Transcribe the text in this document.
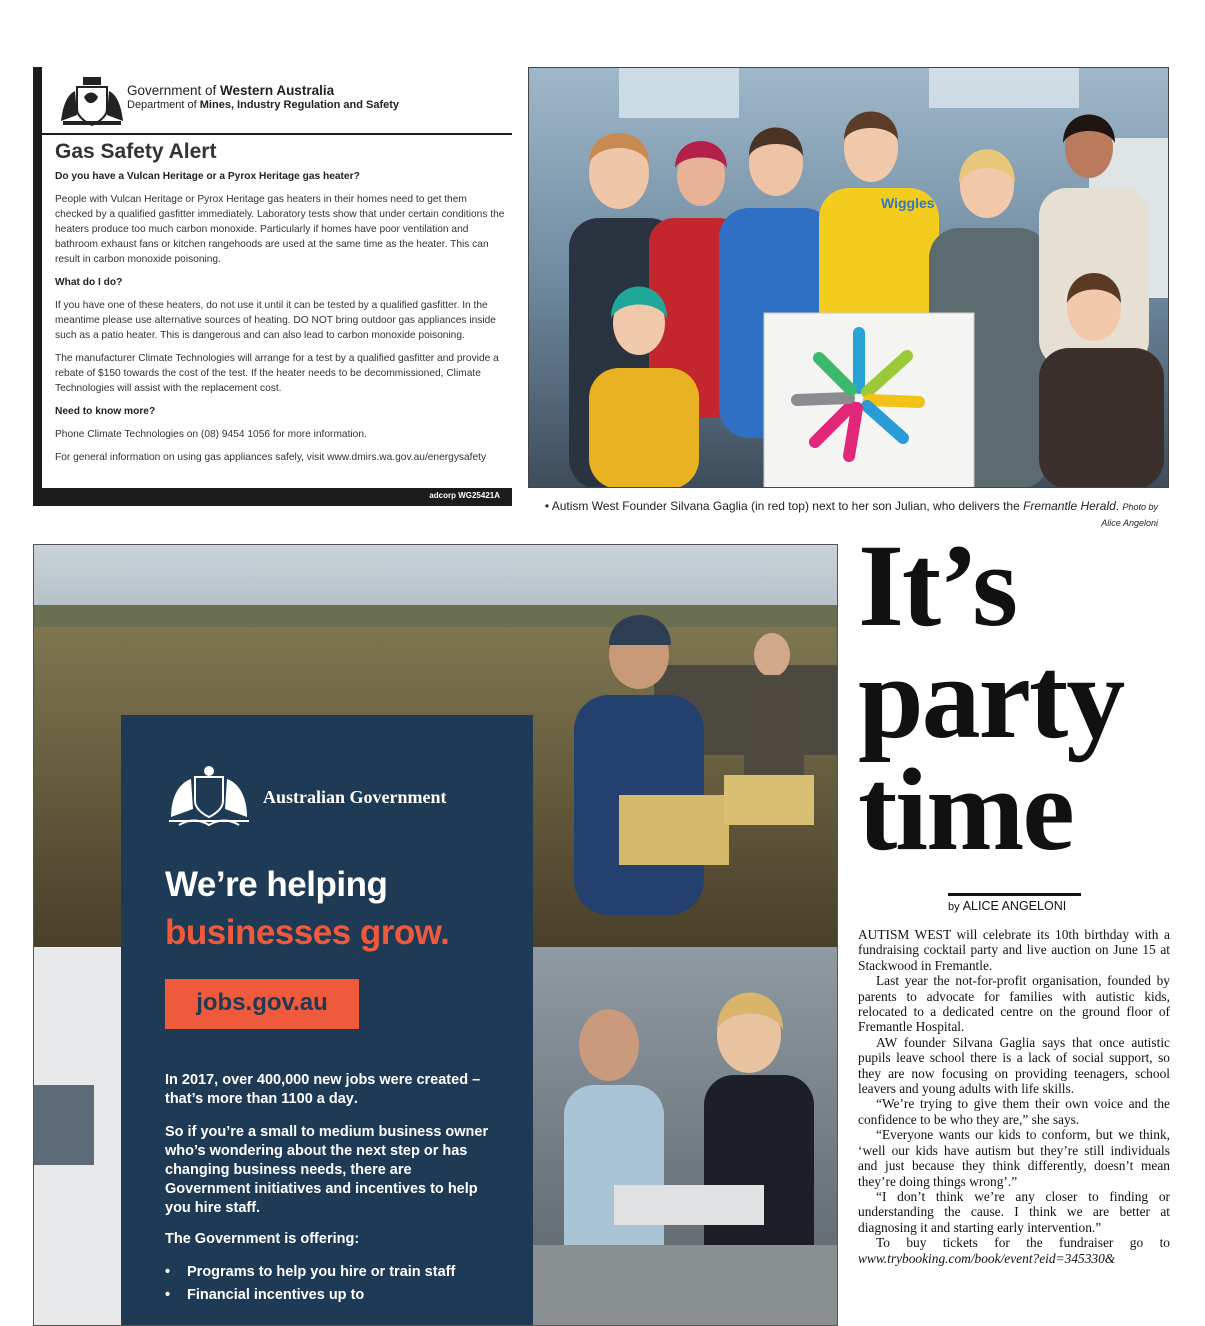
Government of Western Australia
Department of Mines, Industry Regulation and Safety
Gas Safety Alert

Do you have a Vulcan Heritage or a Pyrox Heritage gas heater?

People with Vulcan Heritage or Pyrox Heritage gas heaters in their homes need to get them checked by a qualified gasfitter immediately. Laboratory tests show that under certain conditions the heaters produce too much carbon monoxide. Particularly if homes have poor ventilation and bathroom exhaust fans or kitchen rangehoods are used at the same time as the heater. This can result in carbon monoxide poisoning.

What do I do?

If you have one of these heaters, do not use it until it can be tested by a qualified gasfitter. In the meantime please use alternative sources of heating. DO NOT bring outdoor gas appliances inside such as a patio heater. This is dangerous and can also lead to carbon monoxide poisoning.

The manufacturer Climate Technologies will arrange for a test by a qualified gasfitter and provide a rebate of $150 towards the cost of the test. If the heater needs to be decommissioned, Climate Technologies will assist with the replacement cost.

Need to know more?

Phone Climate Technologies on (08) 9454 1056 for more information.

For general information on using gas appliances safely, visit www.dmirs.wa.gov.au/energysafety

adcorp WG25421A
Wiggles
• Autism West Founder Silvana Gaglia (in red top) next to her son Julian, who delivers the Fremantle Herald. Photo by Alice Angeloni
Australian Government
We’re helping
businesses grow.
jobs.gov.au
In 2017, over 400,000 new jobs were created – that’s more than 1100 a day.
So if you’re a small to medium business owner who’s wondering about the next step or has changing business needs, there are Government initiatives and incentives to help you hire staff.
The Government is offering:
• Programs to help you hire or train staff
• Financial incentives up to
It’s
party
time
by ALICE ANGELONI

AUTISM WEST will celebrate its 10th birthday with a fundraising cocktail party and live auction on June 15 at Stackwood in Fremantle.

Last year the not-for-profit organisation, founded by parents to advocate for families with autistic kids, relocated to a dedicated centre on the ground floor of Fremantle Hospital.

AW founder Silvana Gaglia says that once autistic pupils leave school there is a lack of social support, so they are now focusing on providing teenagers, school leavers and young adults with life skills.

“We’re trying to give them their own voice and the confidence to be who they are,” she says.

“Everyone wants our kids to conform, but we think, ‘well our kids have autism but they’re still individuals and just because they think differently, doesn’t mean they’re doing things wrong’.”

“I don’t think we’re any closer to finding or understanding the cause. I think we are better at diagnosing it and starting early intervention.”

To buy tickets for the fundraiser go to www.trybooking.com/book/event?eid=345330&
